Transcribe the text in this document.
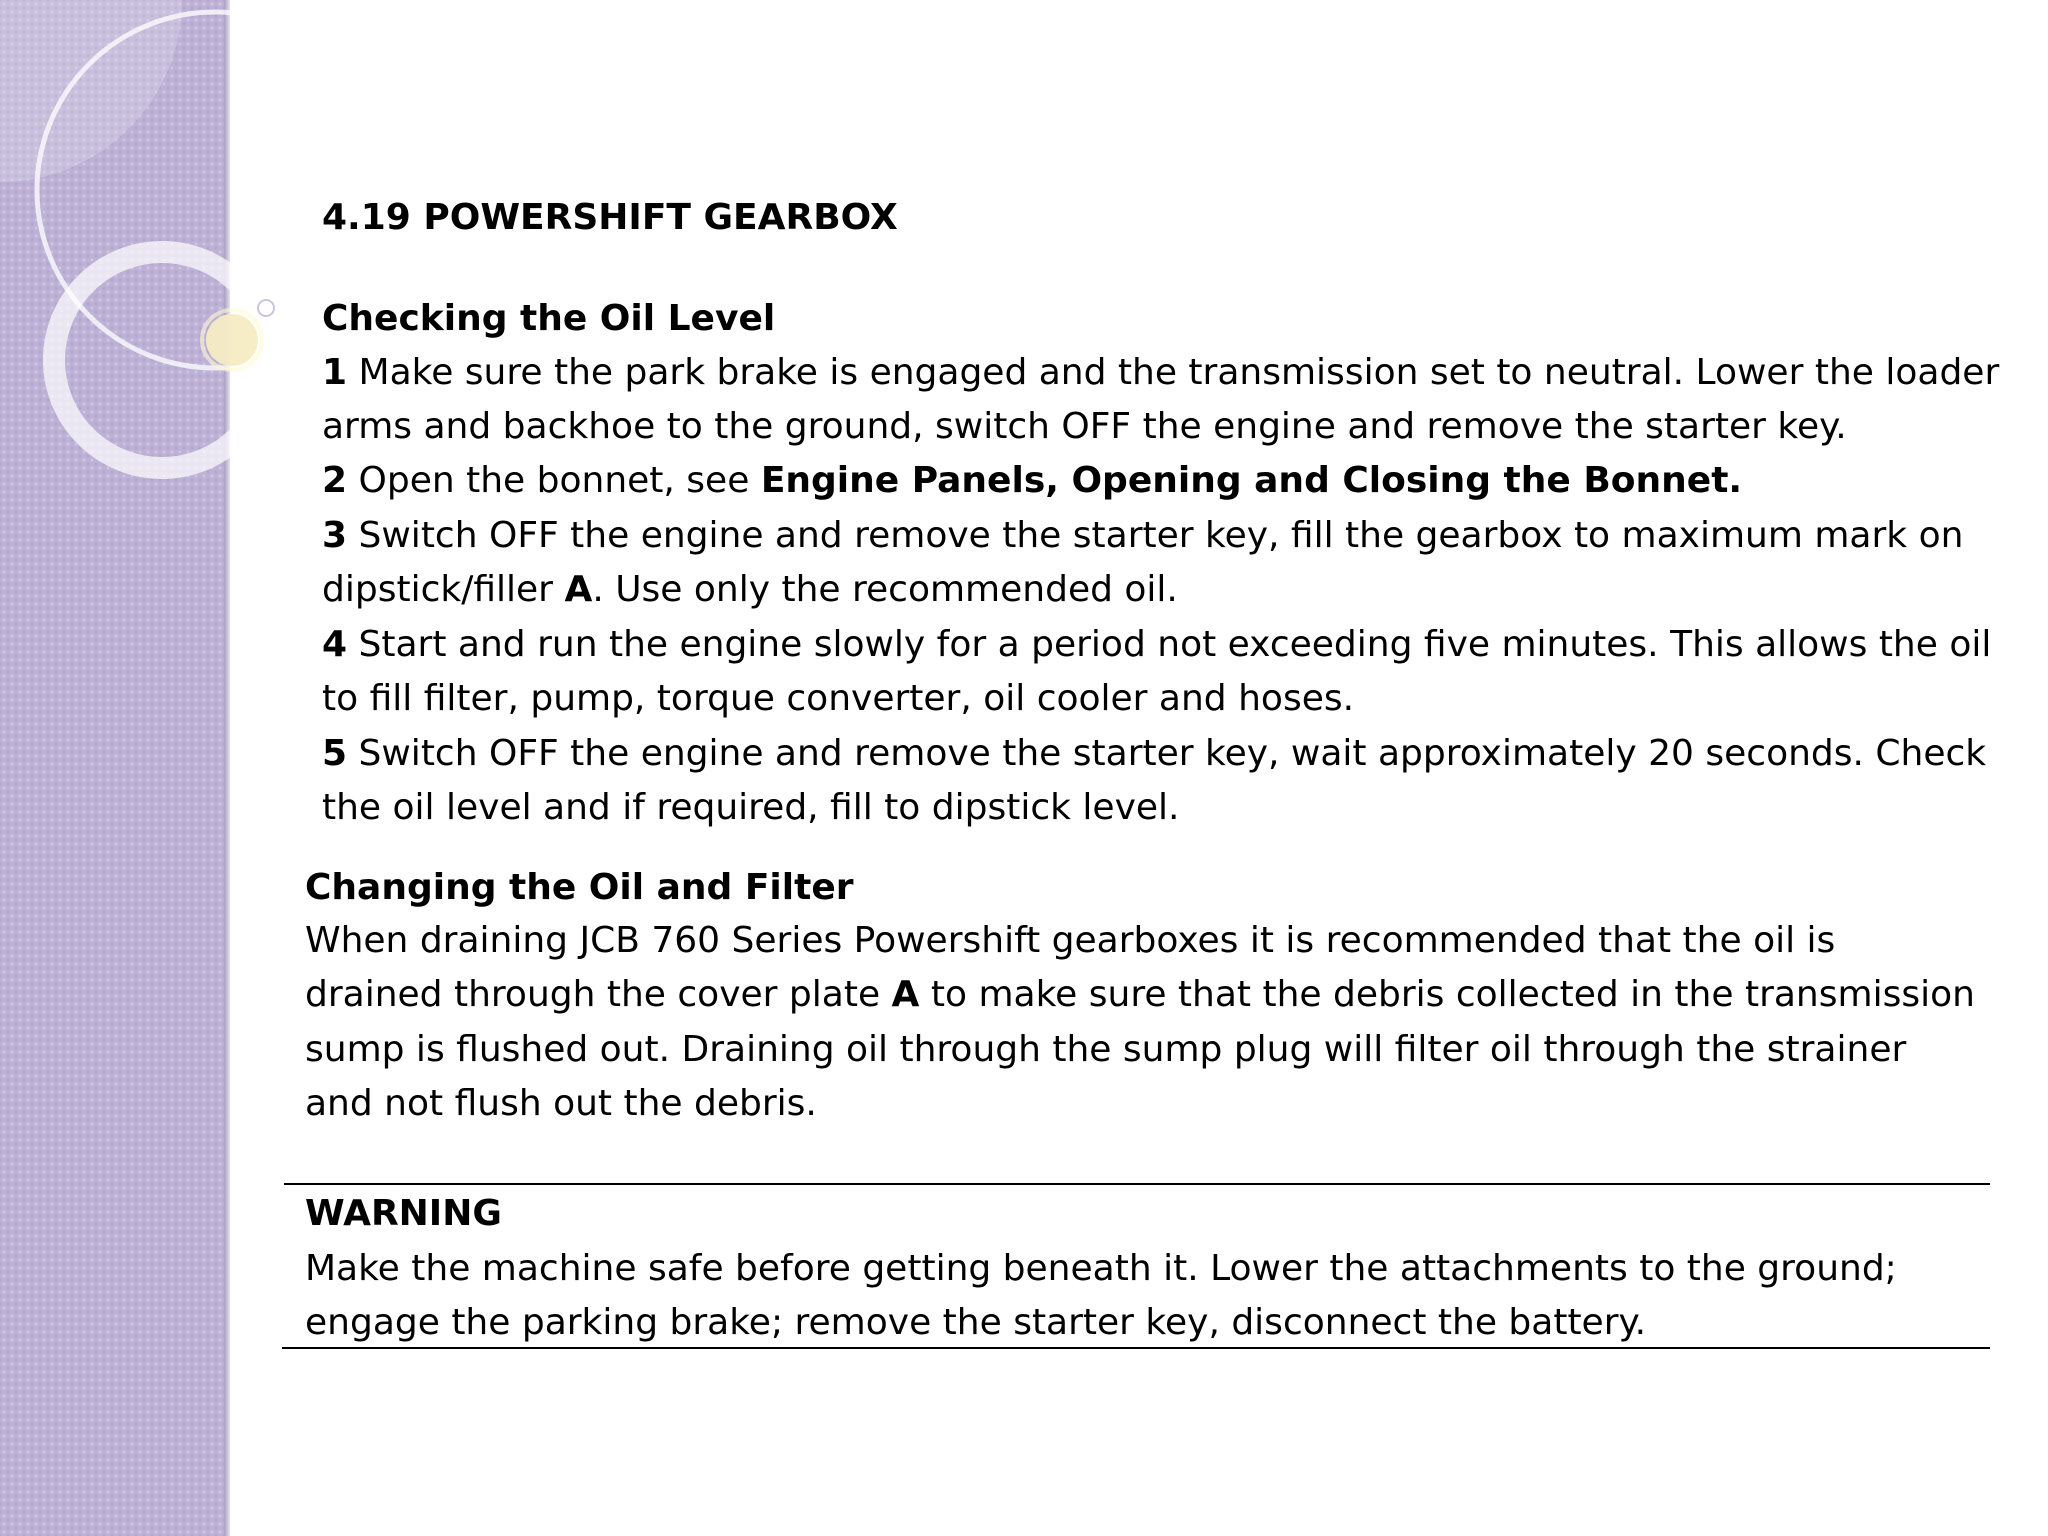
4.19 POWERSHIFT GEARBOX
Checking the Oil Level
1 Make sure the park brake is engaged and the transmission set to neutral. Lower the loader
arms and backhoe to the ground, switch OFF the engine and remove the starter key.
2 Open the bonnet, see Engine Panels, Opening and Closing the Bonnet.
3 Switch OFF the engine and remove the starter key, fill the gearbox to maximum mark on
dipstick/filler A. Use only the recommended oil.
4 Start and run the engine slowly for a period not exceeding five minutes. This allows the oil
to fill filter, pump, torque converter, oil cooler and hoses.
5 Switch OFF the engine and remove the starter key, wait approximately 20 seconds. Check
the oil level and if required, fill to dipstick level.
Changing the Oil and Filter
When draining JCB 760 Series Powershift gearboxes it is recommended that the oil is
drained through the cover plate A to make sure that the debris collected in the transmission
sump is flushed out. Draining oil through the sump plug will filter oil through the strainer
and not flush out the debris.
WARNING
Make the machine safe before getting beneath it. Lower the attachments to the ground;
engage the parking brake; remove the starter key, disconnect the battery.
